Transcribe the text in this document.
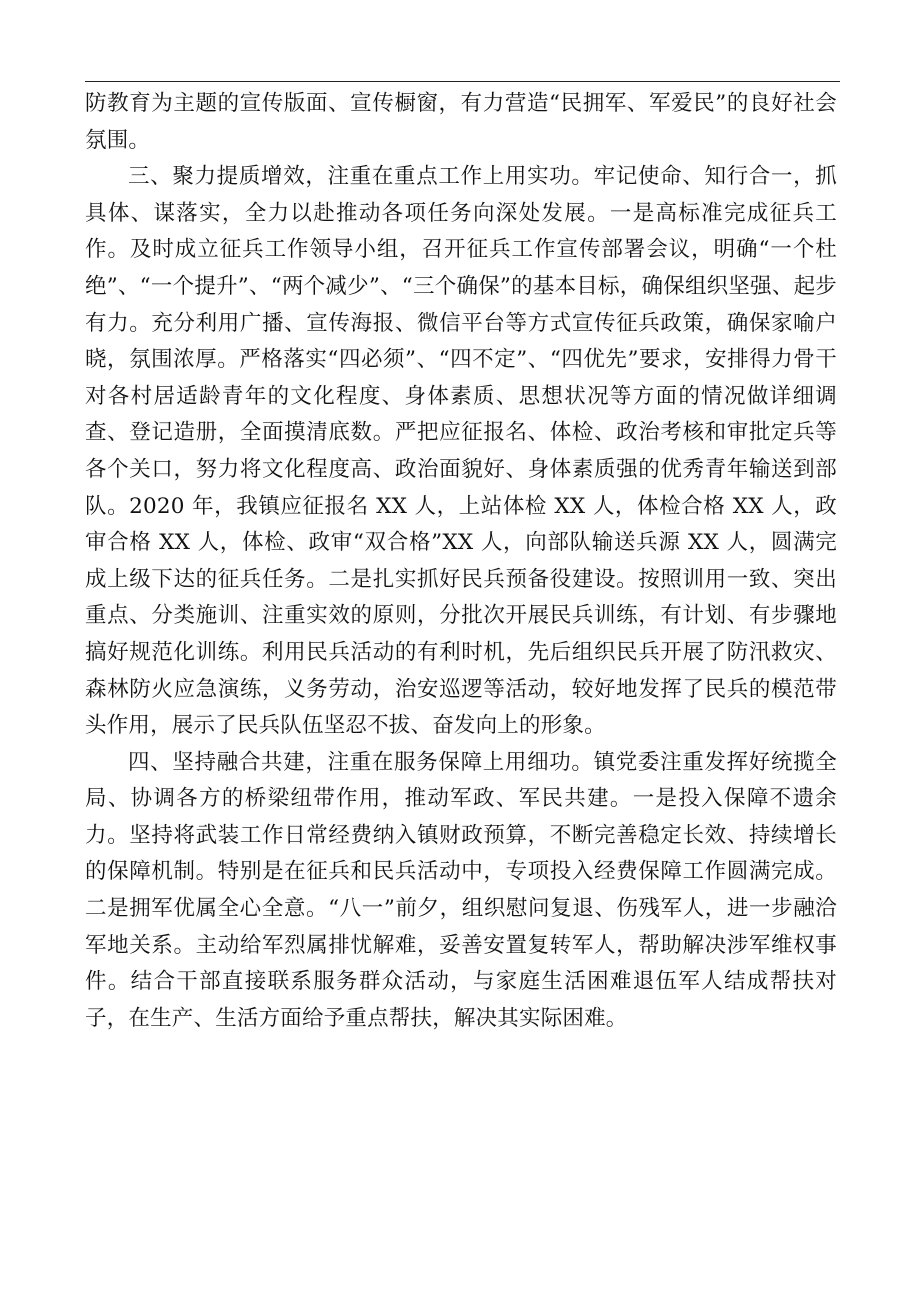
防教育为主题的宣传版面、宣传橱窗，有力营造“民拥军、军爱民”的良好社会氛围。

三、聚力提质增效，注重在重点工作上用实功。牢记使命、知行合一，抓具体、谋落实，全力以赴推动各项任务向深处发展。一是高标准完成征兵工作。及时成立征兵工作领导小组，召开征兵工作宣传部署会议，明确“一个杜绝”、“一个提升”、“两个减少”、“三个确保”的基本目标，确保组织坚强、起步有力。充分利用广播、宣传海报、微信平台等方式宣传征兵政策，确保家喻户晓，氛围浓厚。严格落实“四必须”、“四不定”、“四优先”要求，安排得力骨干对各村居适龄青年的文化程度、身体素质、思想状况等方面的情况做详细调查、登记造册，全面摸清底数。严把应征报名、体检、政治考核和审批定兵等各个关口，努力将文化程度高、政治面貌好、身体素质强的优秀青年输送到部队。2020 年，我镇应征报名 XX 人，上站体检 XX 人，体检合格 XX 人，政审合格 XX 人，体检、政审“双合格”XX 人，向部队输送兵源 XX 人，圆满完成上级下达的征兵任务。二是扎实抓好民兵预备役建设。按照训用一致、突出重点、分类施训、注重实效的原则，分批次开展民兵训练，有计划、有步骤地搞好规范化训练。利用民兵活动的有利时机，先后组织民兵开展了防汛救灾、森林防火应急演练，义务劳动，治安巡逻等活动，较好地发挥了民兵的模范带头作用，展示了民兵队伍坚忍不拔、奋发向上的形象。

四、坚持融合共建，注重在服务保障上用细功。镇党委注重发挥好统揽全局、协调各方的桥梁纽带作用，推动军政、军民共建。一是投入保障不遗余力。坚持将武装工作日常经费纳入镇财政预算，不断完善稳定长效、持续增长的保障机制。特别是在征兵和民兵活动中，专项投入经费保障工作圆满完成。二是拥军优属全心全意。“八一”前夕，组织慰问复退、伤残军人，进一步融洽军地关系。主动给军烈属排忧解难，妥善安置复转军人，帮助解决涉军维权事件。结合干部直接联系服务群众活动，与家庭生活困难退伍军人结成帮扶对子，在生产、生活方面给予重点帮扶，解决其实际困难。
